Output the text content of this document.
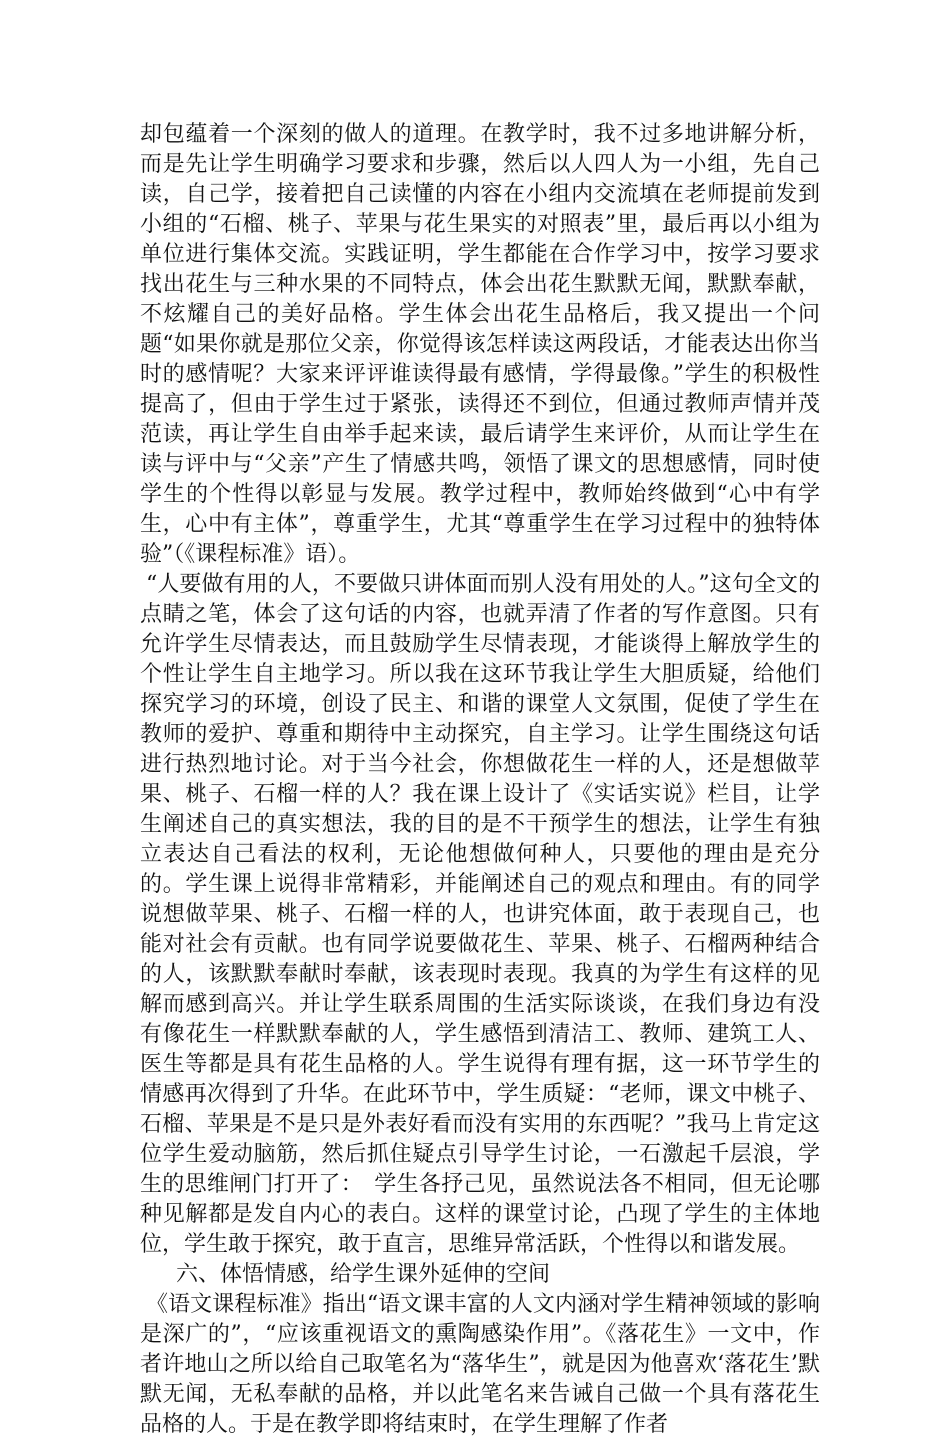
却包蕴着一个深刻的做人的道理。在教学时，我不过多地讲解分析，而是先让学生明确学习要求和步骤，然后以人四人为一小组，先自己读，自己学，接着把自己读懂的内容在小组内交流填在老师提前发到小组的“石榴、桃子、苹果与花生果实的对照表”里，最后再以小组为单位进行集体交流。实践证明，学生都能在合作学习中，按学习要求找出花生与三种水果的不同特点，体会出花生默默无闻，默默奉献，不炫耀自己的美好品格。学生体会出花生品格后，我又提出一个问题“如果你就是那位父亲，你觉得该怎样读这两段话，才能表达出你当时的感情呢？大家来评评谁读得最有感情，学得最像。”学生的积极性提高了，但由于学生过于紧张，读得还不到位，但通过教师声情并茂范读，再让学生自由举手起来读，最后请学生来评价，从而让学生在读与评中与“父亲”产生了情感共鸣，领悟了课文的思想感情，同时使学生的个性得以彰显与发展。教学过程中，教师始终做到“心中有学生，心中有主体”，尊重学生，尤其“尊重学生在学习过程中的独特体验”（《课程标准》语）。

“人要做有用的人，不要做只讲体面而别人没有用处的人。”这句全文的点睛之笔，体会了这句话的内容，也就弄清了作者的写作意图。只有允许学生尽情表达，而且鼓励学生尽情表现，才能谈得上解放学生的个性让学生自主地学习。所以我在这环节我让学生大胆质疑，给他们探究学习的环境，创设了民主、和谐的课堂人文氛围，促使了学生在教师的爱护、尊重和期待中主动探究，自主学习。让学生围绕这句话进行热烈地讨论。对于当今社会，你想做花生一样的人，还是想做苹果、桃子、石榴一样的人？我在课上设计了《实话实说》栏目，让学生阐述自己的真实想法，我的目的是不干预学生的想法，让学生有独立表达自己看法的权利，无论他想做何种人，只要他的理由是充分的。学生课上说得非常精彩，并能阐述自己的观点和理由。有的同学说想做苹果、桃子、石榴一样的人，也讲究体面，敢于表现自己，也能对社会有贡献。也有同学说要做花生、苹果、桃子、石榴两种结合的人，该默默奉献时奉献，该表现时表现。我真的为学生有这样的见解而感到高兴。并让学生联系周围的生活实际谈谈，在我们身边有没有像花生一样默默奉献的人，学生感悟到清洁工、教师、建筑工人、医生等都是具有花生品格的人。学生说得有理有据，这一环节学生的情感再次得到了升华。在此环节中，学生质疑：“老师，课文中桃子、石榴、苹果是不是只是外表好看而没有实用的东西呢？”我马上肯定这位学生爱动脑筋，然后抓住疑点引导学生讨论，一石激起千层浪，学生的思维闸门打开了：　学生各抒己见，虽然说法各不相同，但无论哪种见解都是发自内心的表白。这样的课堂讨论，凸现了学生的主体地位，学生敢于探究，敢于直言，思维异常活跃，个性得以和谐发展。

六、体悟情感，给学生课外延伸的空间

《语文课程标准》指出“语文课丰富的人文内涵对学生精神领域的影响是深广的”，“应该重视语文的熏陶感染作用”。《落花生》一文中，作者许地山之所以给自己取笔名为“落华生”，就是因为他喜欢‘落花生’默默无闻，无私奉献的品格，并以此笔名来告诫自己做一个具有落花生品格的人。于是在教学即将结束时，在学生理解了作者
